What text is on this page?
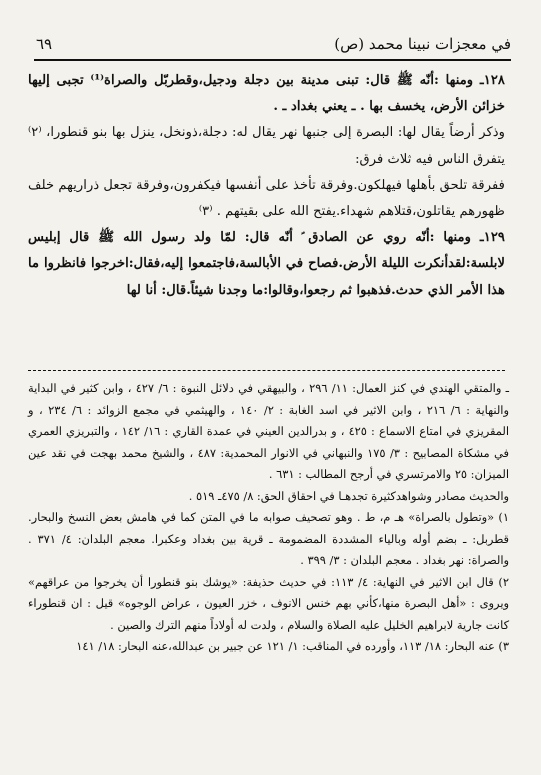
في معجزات نبينا محمد (ص)
٦٩

١٢٨ـ ومنها :أنّه ﷺ قال: تبنى مدينة بين دجلة ودجيل،وقطربّل والصراة⁽¹⁾ تجبى إليها خزائن الأرض، يخسف بها . ـ يعني بغداد ـ .

وذكر أرضاً يقال لها: البصرة إلى جنبها نهر يقال له: دجلة،ذونخل، ينزل بها بنو قنطورا، ⁽٢⁾ يتفرق الناس فيه ثلاث فرق:

ففرقة تلحق بأهلها فيهلكون.وفرقة تأخذ على أنفسها فيكفرون،وفرقة تجعل ذراريهم خلف ظهورهم يقاتلون،قتلاهم شهداء.يفتح الله على بقيتهم . ⁽٣⁾

١٢٩ـ ومنها :أنّه روي عن الصادق ؑ أنّه قال: لمّا ولد رسول الله ﷺ قال إبليس لابلسة:لقدأنكرت الليلة الأرض.فصاح في الأبالسة،فاجتمعوا إليه،فقال:اخرجوا فانظروا ما هذا الأمر الذي حدث.فذهبوا ثم رجعوا،وقالوا:ما وجدنا شيئاً.قال: أنا لها

ـ والمتقي الهندي في كنز العمال: ١١/ ٢٩٦ ، والبيهقي في دلائل النبوة : ٦/ ٤٢٧ ، وابن كثير في البداية والنهاية : ٦/ ٢١٦ ، وابن الاثير في اسد الغابة : ٢/ ١٤٠ ، والهيثمي في مجمع الزوائد : ٦/ ٢٣٤ ، و المقريزي في امتاع الاسماع : ٤٢٥ ، و بدرالدين العيني في عمدة القاري : ١٦/ ١٤٢ ، والتبريزي العمري في مشكاة المصابيح : ٣/ ١٧٥ والنبهاني في الانوار المحمدية: ٤٨٧ ، والشيخ محمد بهجت في نقد عين الميزان: ٢٥ والامرتسري في أرجح المطالب : ٦٣١ .

والحديث مصادر وشواهدكثيرة تجدهـا في احقاق الحق: ٨/ ٤٧٥ـ ٥١٩ .

١) «وتطول بالصراة» هـ م، ط . وهو تصحيف صوابه ما في المتن كما في هامش بعض النسخ والبحار. قطربل: ـ بضم أوله وبالياء المشددة المضمومة ـ قرية بين بغداد وعكبرا. معجم البلدان: ٤/ ٣٧١ . والصراة: نهر بغداد . معجم البلدان : ٣/ ٣٩٩ .

٢) قال ابن الاثير في النهاية: ٤/ ١١٣: في حديث حذيفة: «يوشك بنو قنطورا أن يخرجوا من عراقهم» ويروى : «أهل البصرة منها،كأني بهم خنس الانوف ، خزر العيون ، عراض الوجوه» قيل : ان قنطوراء كانت جارية لابراهيم الخليل عليه الصلاة والسلام ، ولدت له أولاداً منهم الترك والصين .

٣) عنه البحار: ١٨/ ١١٣، وأورده في المناقب: ١/ ١٢١ عن جبير بن عبدالله،عنه البحار: ١٨/ ١٤١
